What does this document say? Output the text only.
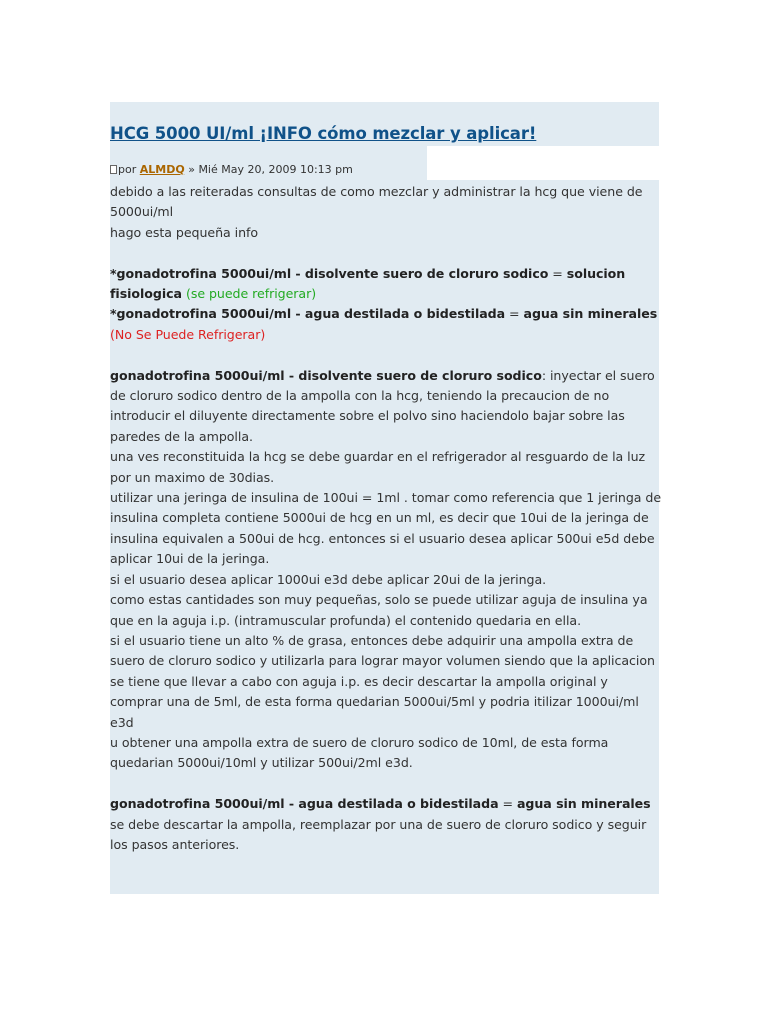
HCG 5000 UI/ml ¡INFO cómo mezclar y aplicar!
por ALMDQ » Mié May 20, 2009 10:13 pm

debido a las reiteradas consultas de como mezclar y administrar la hcg que viene de 5000ui/ml

hago esta pequeña info

*gonadotrofina 5000ui/ml - disolvente suero de cloruro sodico = solucion fisiologica (se puede refrigerar)

*gonadotrofina 5000ui/ml - agua destilada o bidestilada = agua sin minerales (No Se Puede Refrigerar)

gonadotrofina 5000ui/ml - disolvente suero de cloruro sodico: inyectar el suero de cloruro sodico dentro de la ampolla con la hcg, teniendo la precaucion de no introducir el diluyente directamente sobre el polvo sino haciendolo bajar sobre las paredes de la ampolla.

una ves reconstituida la hcg se debe guardar en el refrigerador al resguardo de la luz por un maximo de 30dias.

utilizar una jeringa de insulina de 100ui = 1ml . tomar como referencia que 1 jeringa de insulina completa contiene 5000ui de hcg en un ml, es decir que 10ui de la jeringa de insulina equivalen a 500ui de hcg. entonces si el usuario desea aplicar 500ui e5d debe aplicar 10ui de la jeringa.

si el usuario desea aplicar 1000ui e3d debe aplicar 20ui de la jeringa.

como estas cantidades son muy pequeñas, solo se puede utilizar aguja de insulina ya que en la aguja i.p. (intramuscular profunda) el contenido quedaria en ella.

si el usuario tiene un alto % de grasa, entonces debe adquirir una ampolla extra de suero de cloruro sodico y utilizarla para lograr mayor volumen siendo que la aplicacion se tiene que llevar a cabo con aguja i.p. es decir descartar la ampolla original y comprar una de 5ml, de esta forma quedarian 5000ui/5ml y podria itilizar 1000ui/ml e3d

u obtener una ampolla extra de suero de cloruro sodico de 10ml, de esta forma quedarian 5000ui/10ml y utilizar 500ui/2ml e3d.

gonadotrofina 5000ui/ml - agua destilada o bidestilada = agua sin minerales se debe descartar la ampolla, reemplazar por una de suero de cloruro sodico y seguir los pasos anteriores.
